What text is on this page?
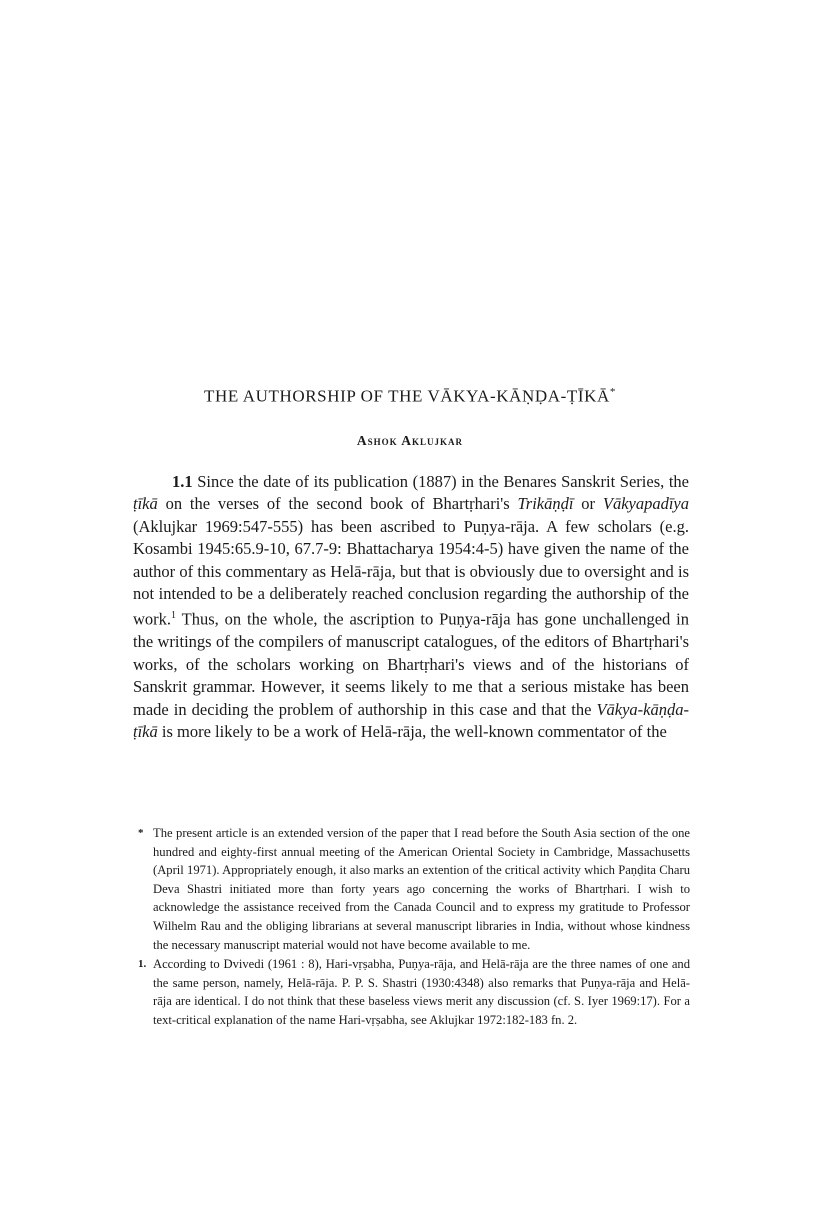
THE AUTHORSHIP OF THE VĀKYA-KĀṆḌA-ṬĪKĀ*
Ashok Aklujkar

1.1 Since the date of its publication (1887) in the Benares Sanskrit Series, the ṭīkā on the verses of the second book of Bhartṛhari's Trikāṇḍī or Vākyapadīya (Aklujkar 1969:547-555) has been ascribed to Puṇya-rāja. A few scholars (e.g. Kosambi 1945:65.9-10, 67.7-9: Bhattacharya 1954:4-5) have given the name of the author of this commentary as Helā-rāja, but that is obviously due to oversight and is not intended to be a deliberately reached conclusion regarding the authorship of the work.$^1$ Thus, on the whole, the ascription to Puṇya-rāja has gone unchallenged in the writings of the compilers of manuscript catalogues, of the editors of Bhartṛhari's works, of the scholars working on Bhartṛhari's views and of the historians of Sanskrit grammar. However, it seems likely to me that a serious mistake has been made in deciding the problem of authorship in this case and that the Vākya-kāṇḍa-ṭīkā is more likely to be a work of Helā-rāja, the well-known commentator of the

* The present article is an extended version of the paper that I read before the South Asia section of the one hundred and eighty-first annual meeting of the American Oriental Society in Cambridge, Massachusetts (April 1971). Appropriately enough, it also marks an extention of the critical activity which Paṇḍita Charu Deva Shastri initiated more than forty years ago concerning the works of Bhartṛhari. I wish to acknowledge the assistance received from the Canada Council and to express my gratitude to Professor Wilhelm Rau and the obliging librarians at several manuscript libraries in India, without whose kindness the necessary manuscript material would not have become available to me.

1. According to Dvivedi (1961 : 8), Hari-vṛṣabha, Puṇya-rāja, and Helā-rāja are the three names of one and the same person, namely, Helā-rāja. P. P. S. Shastri (1930:4348) also remarks that Puṇya-rāja and Helā-rāja are identical. I do not think that these baseless views merit any discussion (cf. S. Iyer 1969:17). For a text-critical explanation of the name Hari-vṛṣabha, see Aklujkar 1972:182-183 fn. 2.
